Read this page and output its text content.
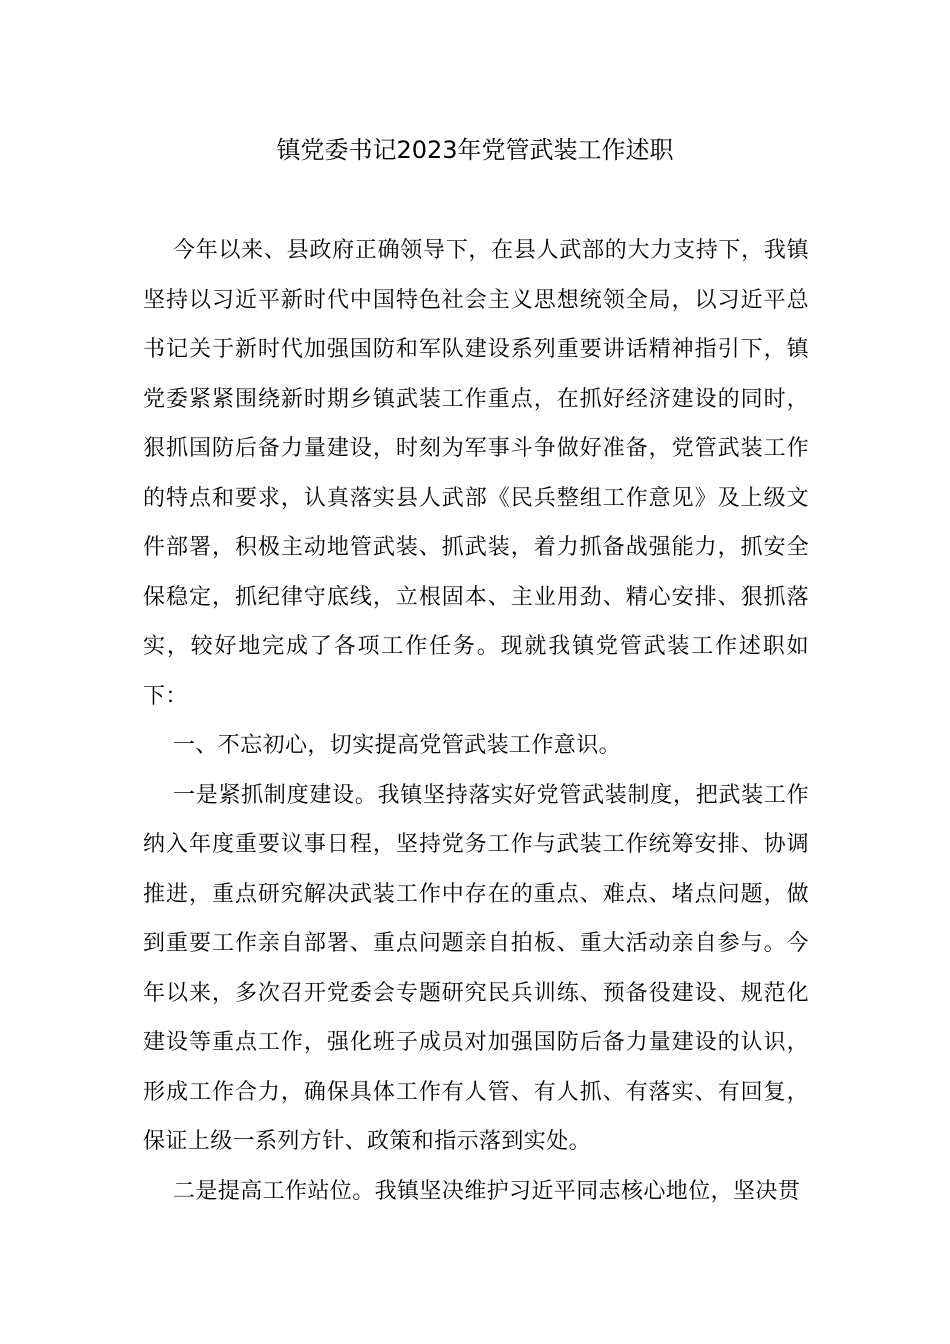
镇党委书记2023年党管武装工作述职

今年以来、县政府正确领导下，在县人武部的大力支持下，我镇坚持以习近平新时代中国特色社会主义思想统领全局，以习近平总书记关于新时代加强国防和军队建设系列重要讲话精神指引下，镇党委紧紧围绕新时期乡镇武装工作重点，在抓好经济建设的同时，狠抓国防后备力量建设，时刻为军事斗争做好准备，党管武装工作的特点和要求，认真落实县人武部《民兵整组工作意见》及上级文件部署，积极主动地管武装、抓武装，着力抓备战强能力，抓安全保稳定，抓纪律守底线，立根固本、主业用劲、精心安排、狠抓落实，较好地完成了各项工作任务。现就我镇党管武装工作述职如下：

一、不忘初心，切实提高党管武装工作意识。

一是紧抓制度建设。我镇坚持落实好党管武装制度，把武装工作纳入年度重要议事日程，坚持党务工作与武装工作统筹安排、协调推进，重点研究解决武装工作中存在的重点、难点、堵点问题，做到重要工作亲自部署、重点问题亲自拍板、重大活动亲自参与。今年以来，多次召开党委会专题研究民兵训练、预备役建设、规范化建设等重点工作，强化班子成员对加强国防后备力量建设的认识，形成工作合力，确保具体工作有人管、有人抓、有落实、有回复，保证上级一系列方针、政策和指示落到实处。

二是提高工作站位。我镇坚决维护习近平同志核心地位，坚决贯
